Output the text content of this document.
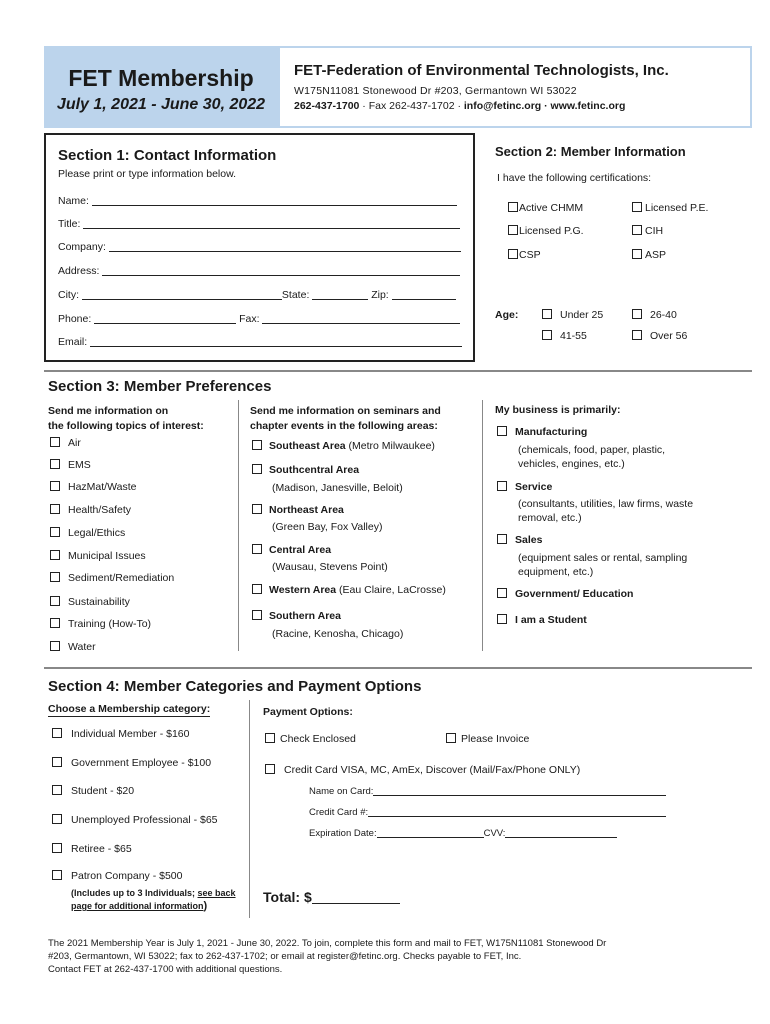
FET Membership
July 1, 2021 - June 30, 2022
FET-Federation of Environmental Technologists, Inc.
W175N11081 Stonewood Dr #203, Germantown WI 53022
262-437-1700 · Fax 262-437-1702 · info@fetinc.org · www.fetinc.org
Section 1: Contact Information
Please print or type information below.
Name:
Title:
Company:
Address:
City:	State:	Zip:
Phone:	Fax:
Email:
Section 2: Member Information
I have the following certifications:
Active CHMM	Licensed P.E.
Licensed P.G.	CIH
CSP	ASP
Age:	Under 25	26-40
41-55	Over 56
Section 3: Member Preferences
Send me information on
the following topics of interest:
Air
EMS
HazMat/Waste
Health/Safety
Legal/Ethics
Municipal Issues
Sediment/Remediation
Sustainability
Training (How-To)
Water
Send me information on seminars and
chapter events in the following areas:
Southeast Area (Metro Milwaukee)
Southcentral Area
(Madison, Janesville, Beloit)
Northeast Area
(Green Bay, Fox Valley)
Central Area
(Wausau, Stevens Point)
Western Area (Eau Claire, LaCrosse)
Southern Area
(Racine, Kenosha, Chicago)
My business is primarily:
Manufacturing
(chemicals, food, paper, plastic,
vehicles, engines, etc.)
Service
(consultants, utilities, law firms, waste
removal, etc.)
Sales
(equipment sales or rental, sampling
equipment, etc.)
Government/ Education
I am a Student
Section 4: Member Categories and Payment Options
Choose a Membership category:
Individual Member - $160
Government Employee - $100
Student - $20
Unemployed Professional - $65
Retiree - $65
Patron Company - $500
(Includes up to 3 Individuals; see back
page for additional information)
Payment Options:
Check Enclosed	Please Invoice
Credit Card VISA, MC, AmEx, Discover (Mail/Fax/Phone ONLY)
Name on Card:
Credit Card #:
Expiration Date:	CVV:
Total: $
The 2021 Membership Year is July 1, 2021 - June 30, 2022. To join, complete this form and mail to FET, W175N11081 Stonewood Dr
#203, Germantown, WI 53022; fax to 262-437-1702; or email at register@fetinc.org. Checks payable to FET, Inc.
Contact FET at 262-437-1700 with additional questions.
